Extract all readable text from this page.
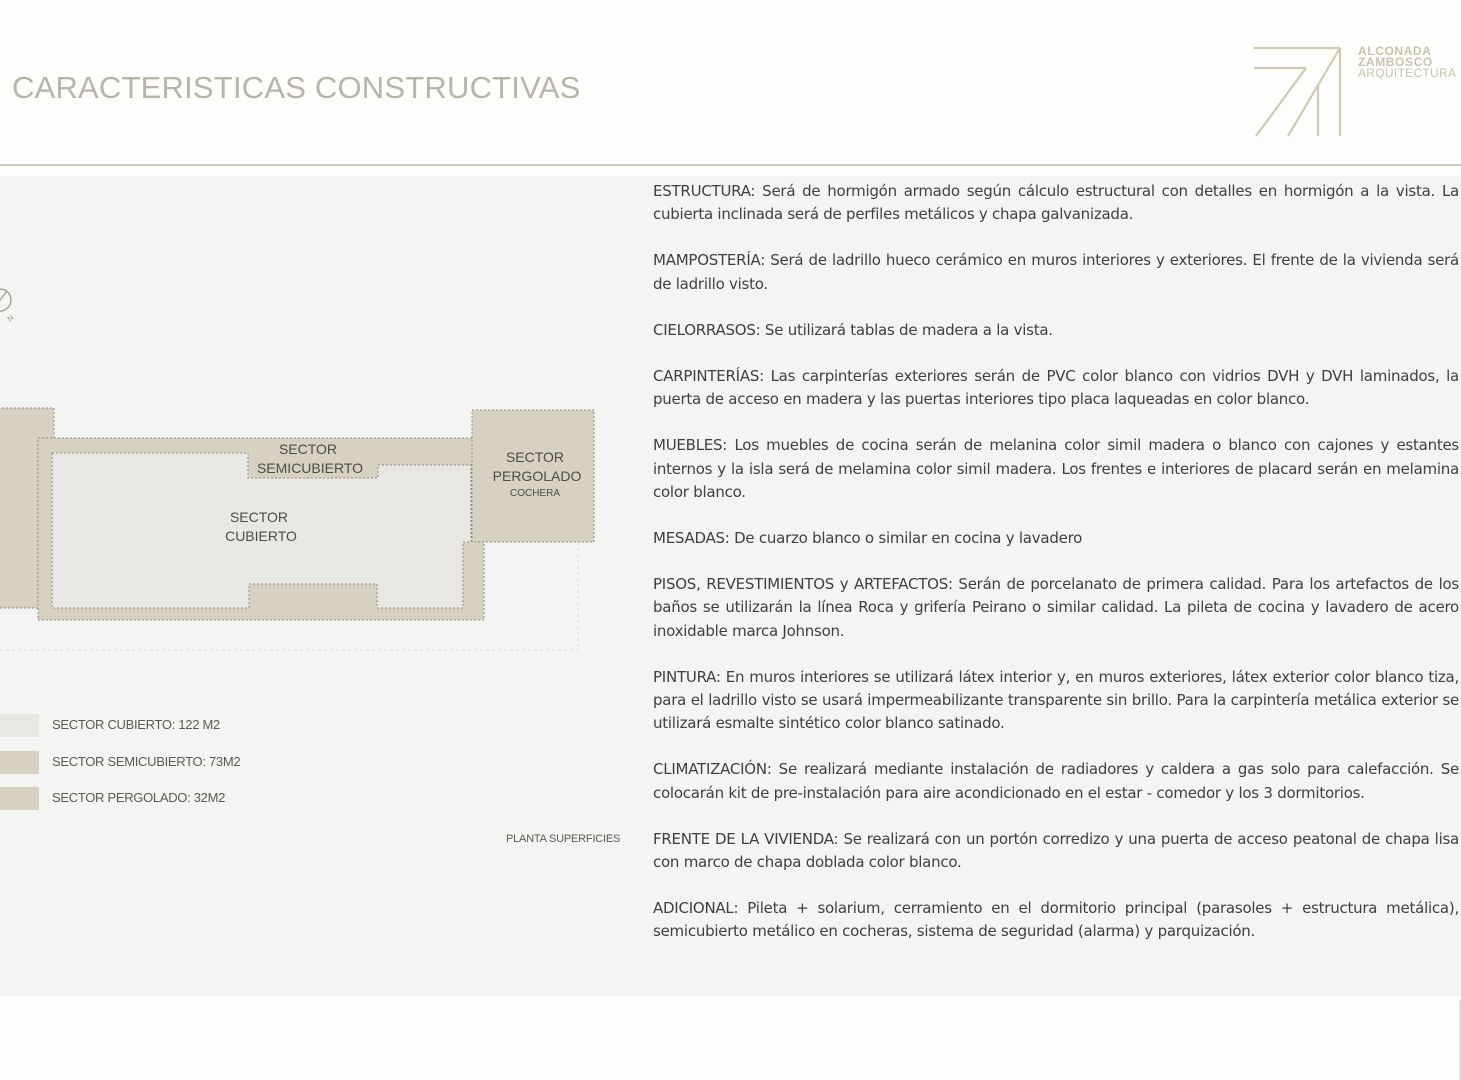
CARACTERISTICAS CONSTRUCTIVAS
ALCONADA
ZAMBOSCO
ARQUITECTURA
N
SECTOR
SEMICUBIERTO
SECTOR
PERGOLADO
COCHERA
SECTOR
CUBIERTO
SECTOR CUBIERTO: 122 M2
SECTOR SEMICUBIERTO: 73M2
SECTOR PERGOLADO: 32M2
PLANTA SUPERFICIES

ESTRUCTURA: Será de hormigón armado según cálculo estructural con detalles en hormigón a la vista. La cubierta inclinada será de perfiles metálicos y chapa galvanizada.

MAMPOSTERÍA: Será de ladrillo hueco cerámico en muros interiores y exteriores. El frente de la vivienda será de ladrillo visto.

CIELORRASOS: Se utilizará tablas de madera a la vista.

CARPINTERÍAS: Las carpinterías exteriores serán de PVC color blanco con vidrios DVH y DVH laminados, la puerta de acceso en madera y las puertas interiores tipo placa laqueadas en color blanco.

MUEBLES: Los muebles de cocina serán de melanina color simil madera o blanco con cajones y estantes internos y la isla será de melamina color simil madera. Los frentes e interiores de placard serán en melamina color blanco.

MESADAS: De cuarzo blanco o similar en cocina y lavadero

PISOS, REVESTIMIENTOS y ARTEFACTOS: Serán de porcelanato de primera calidad. Para los artefactos de los baños se utilizarán la línea Roca y grifería Peirano o similar calidad. La pileta de cocina y lavadero de acero inoxidable marca Johnson.

PINTURA: En muros interiores se utilizará látex interior y, en muros exteriores, látex exterior color blanco tiza, para el ladrillo visto se usará impermeabilizante transparente sin brillo. Para la carpintería metálica exterior se utilizará esmalte sintético color blanco satinado.

CLIMATIZACIÓN: Se realizará mediante instalación de radiadores y caldera a gas solo para calefacción. Se colocarán kit de pre-instalación para aire acondicionado en el estar - comedor y los 3 dormitorios.

FRENTE DE LA VIVIENDA: Se realizará con un portón corredizo y una puerta de acceso peatonal de chapa lisa con marco de chapa doblada color blanco.

ADICIONAL: Pileta + solarium, cerramiento en el dormitorio principal (parasoles + estructura metálica), semicubierto metálico en cocheras, sistema de seguridad (alarma) y parquización.
